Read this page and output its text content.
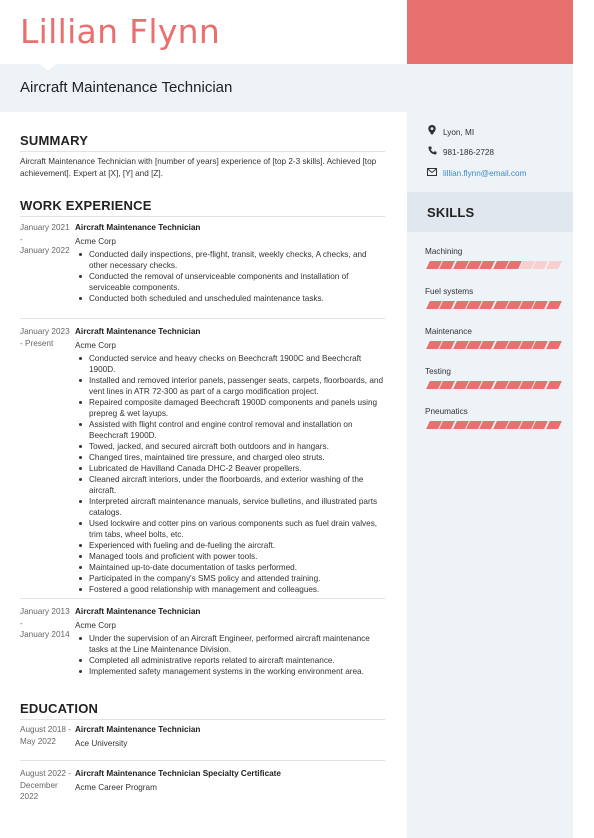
Lillian Flynn
Aircraft Maintenance Technician
Lyon, MI
981-186-2728
lillian.flynn@email.com
SKILLS
Machining
Fuel systems
Maintenance
Testing
Pneumatics
SUMMARY
Aircraft Maintenance Technician with [number of years] experience of [top 2-3 skills]. Achieved [top achievement]. Expert at [X], [Y] and [Z].
WORK EXPERIENCE
January 2021
-
January 2022
Aircraft Maintenance Technician
Acme Corp
Conducted daily inspections, pre-flight, transit, weekly checks, A checks, and other necessary checks.
Conducted the removal of unserviceable components and installation of serviceable components.
Conducted both scheduled and unscheduled maintenance tasks.
January 2023
- Present
Aircraft Maintenance Technician
Acme Corp
Conducted service and heavy checks on Beechcraft 1900C and Beechcraft 1900D.
Installed and removed interior panels, passenger seats, carpets, floorboards, and vent lines in ATR 72-300 as part of a cargo modification project.
Repaired composite damaged Beechcraft 1900D components and panels using prepreg & wet layups.
Assisted with flight control and engine control removal and installation on Beechcraft 1900D.
Towed, jacked, and secured aircraft both outdoors and in hangars.
Changed tires, maintained tire pressure, and charged oleo struts.
Lubricated de Havilland Canada DHC-2 Beaver propellers.
Cleaned aircraft interiors, under the floorboards, and exterior washing of the aircraft.
Interpreted aircraft maintenance manuals, service bulletins, and illustrated parts catalogs.
Used lockwire and cotter pins on various components such as fuel drain valves, trim tabs, wheel bolts, etc.
Experienced with fueling and de-fueling the aircraft.
Managed tools and proficient with power tools.
Maintained up-to-date documentation of tasks performed.
Participated in the company's SMS policy and attended training.
Fostered a good relationship with management and colleagues.
January 2013
-
January 2014
Aircraft Maintenance Technician
Acme Corp
Under the supervision of an Aircraft Engineer, performed aircraft maintenance tasks at the Line Maintenance Division.
Completed all administrative reports related to aircraft maintenance.
Implemented safety management systems in the working environment area.
EDUCATION
August 2018 -
May 2022
Aircraft Maintenance Technician
Ace University
August 2022 -
December 2022
Aircraft Maintenance Technician Specialty Certificate
Acme Career Program
